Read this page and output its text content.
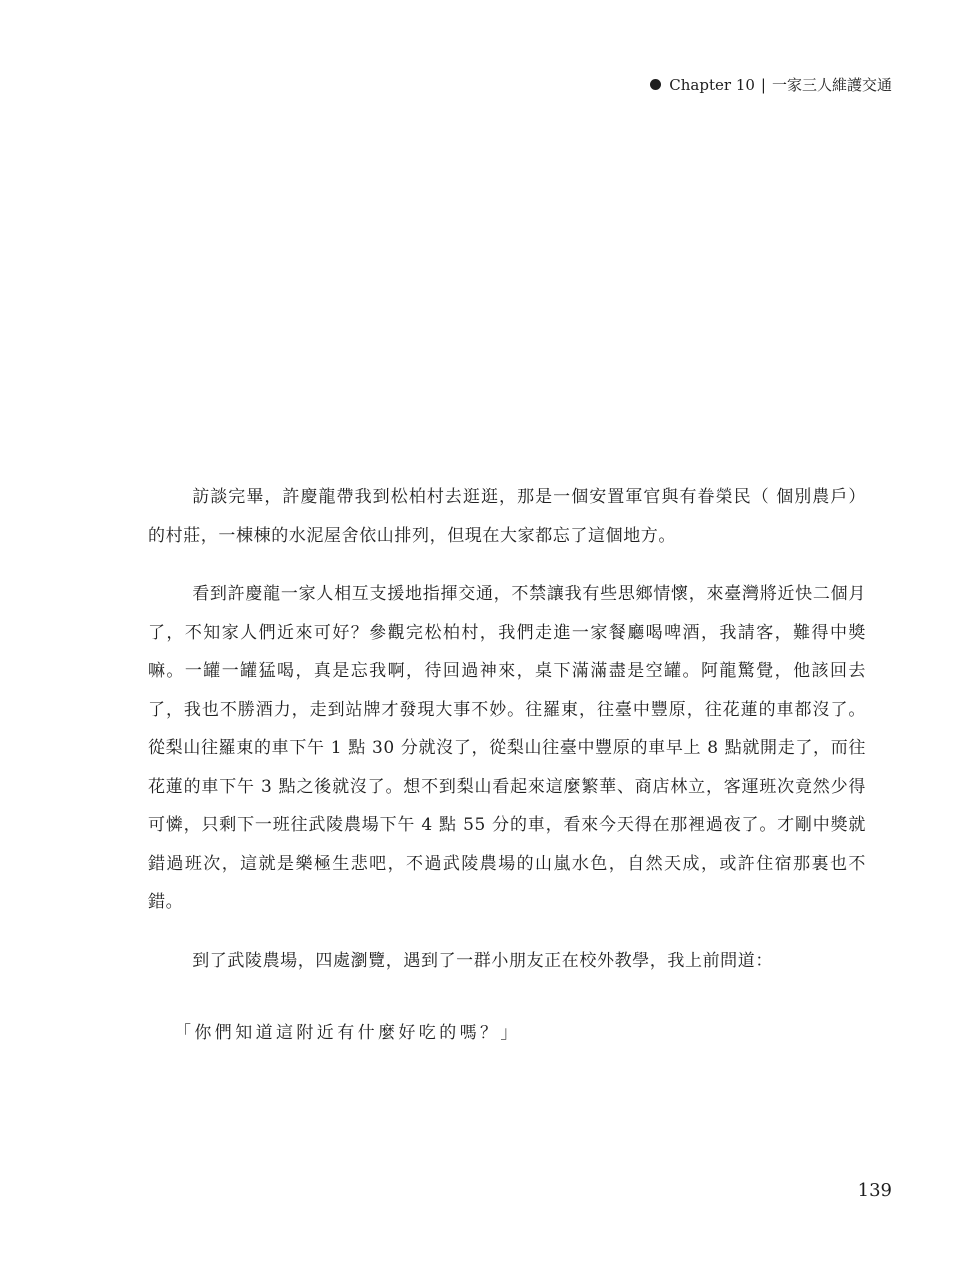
Chapter 10 | 一家三人維護交通

訪談完畢，許慶龍帶我到松柏村去逛逛，那是一個安置軍官與有眷榮民（ 個別農戶）的村莊，一棟棟的水泥屋舍依山排列，但現在大家都忘了這個地方。

看到許慶龍一家人相互支援地指揮交通，不禁讓我有些思鄉情懷，來臺灣將近快二個月了，不知家人們近來可好？參觀完松柏村，我們走進一家餐廳喝啤酒，我請客，難得中獎嘛。一罐一罐猛喝，真是忘我啊，待回過神來，桌下滿滿盡是空罐。阿龍驚覺，他該回去了，我也不勝酒力，走到站牌才發現大事不妙。往羅東，往臺中豐原，往花蓮的車都沒了。從梨山往羅東的車下午 1 點 30 分就沒了，從梨山往臺中豐原的車早上 8 點就開走了，而往花蓮的車下午 3 點之後就沒了。想不到梨山看起來這麼繁華、商店林立，客運班次竟然少得可憐，只剩下一班往武陵農場下午 4 點 55 分的車，看來今天得在那裡過夜了。才剛中獎就錯過班次，這就是樂極生悲吧，不過武陵農場的山嵐水色，自然天成，或許住宿那裏也不錯。

到了武陵農場，四處瀏覽，遇到了一群小朋友正在校外教學，我上前問道：

「你們知道這附近有什麼好吃的嗎？」
139
